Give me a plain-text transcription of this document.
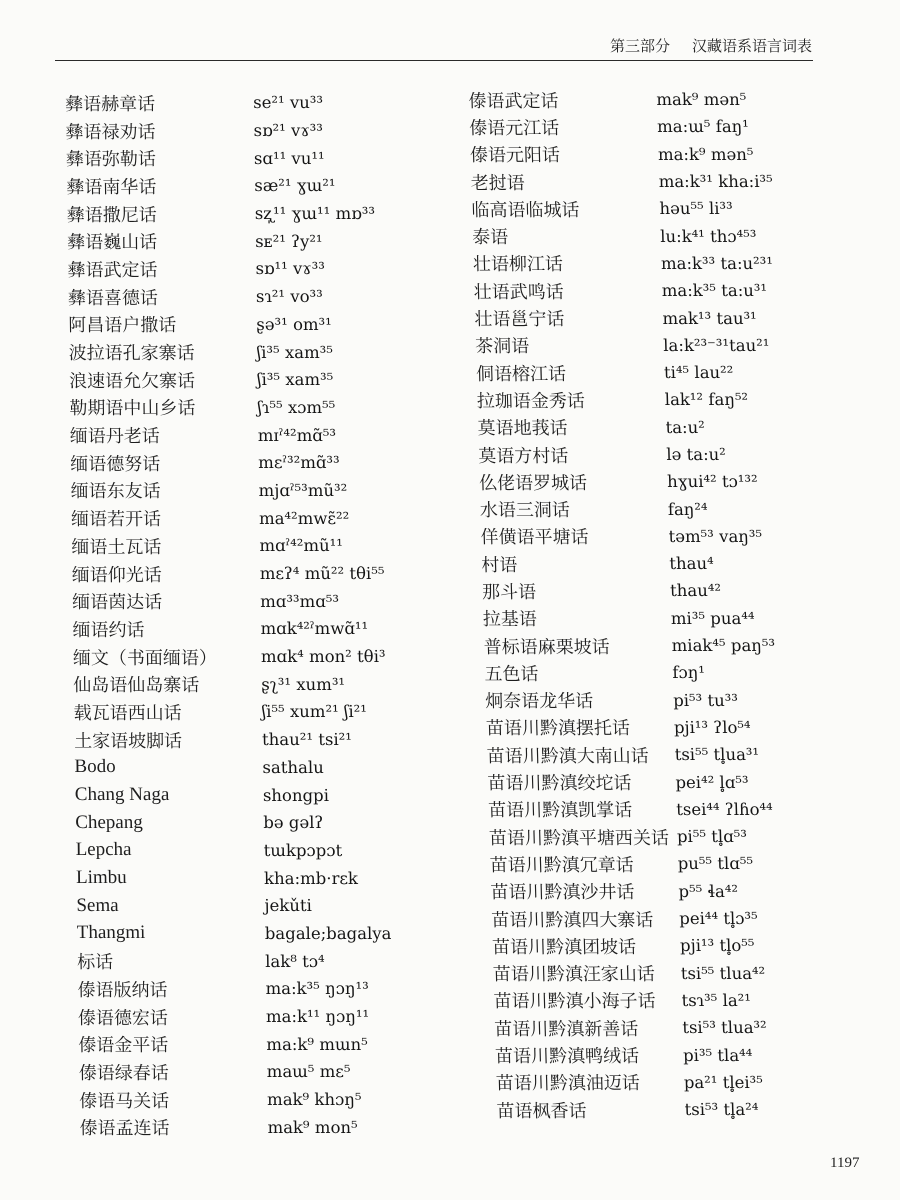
第三部分 汉藏语系语言词表
彝语赫章话	se²¹ vu³³
彝语禄劝话	sɒ²¹ vɤ³³
彝语弥勒话	sɑ¹¹ vu¹¹
彝语南华话	sæ²¹ ɣɯ²¹
彝语撒尼话	sʐ̩¹¹ ɣɯ¹¹ mɒ³³
彝语巍山话	sᴇ²¹ ʔy²¹
彝语武定话	sɒ¹¹ vɤ³³
彝语喜德话	sɿ²¹ vo³³
阿昌语户撒话	ʂə³¹ om³¹
波拉语孔家寨话	ʃi³⁵ xam³⁵
浪速语允欠寨话	ʃi³⁵ xam³⁵
勒期语中山乡话	ʃɿ⁵⁵ xɔm⁵⁵
缅语丹老话	mɪˀ⁴²mɑ̃⁵³
缅语德努话	mɛˀ³²mɑ̃³³
缅语东友话	mjɑˀ⁵³mũ³²
缅语若开话	ma⁴²mwɛ̃²²
缅语土瓦话	mɑˀ⁴²mũ¹¹
缅语仰光话	mɛʔ⁴ mũ²² tθi⁵⁵
缅语茵达话	mɑ³³mɑ⁵³
缅语约话	mɑk⁴²ˀmwɑ̃¹¹
缅文（书面缅语）	mɑk⁴ mon² tθi³
仙岛语仙岛寨话	ʂʅ³¹ xum³¹
载瓦语西山话	ʃi⁵⁵ xum²¹ ʃi²¹
土家语坡脚话	thau²¹ tsi²¹
Bodo	sathalu
Chang Naga	shongpi
Chepang	bə gəlʔ
Lepcha	tɯkpɔpɔt
Limbu	kha:mb·rɛk
Sema	jekǔti
Thangmi	bagale;bagalya
标话	lak⁸ tɔ⁴
傣语版纳话	ma:k³⁵ ŋɔŋ¹³
傣语德宏话	ma:k¹¹ ŋɔŋ¹¹
傣语金平话	ma:k⁹ mɯn⁵
傣语绿春话	maɯ⁵ mɛ⁵
傣语马关话	mak⁹ khɔŋ⁵
傣语孟连话	mak⁹ mon⁵
傣语武定话	mak⁹ mən⁵
傣语元江话	ma:ɯ⁵ faŋ¹
傣语元阳话	ma:k⁹ mən⁵
老挝语	ma:k³¹ kha:i³⁵
临高语临城话	həu⁵⁵ li³³
泰语	lu:k⁴¹ thɔ⁴⁵³
壮语柳江话	ma:k³³ ta:u²³¹
壮语武鸣话	ma:k³⁵ ta:u³¹
壮语邕宁话	mak¹³ tau³¹
茶洞语	la:k²³⁻³¹tau²¹
侗语榕江话	ti⁴⁵ lau²²
拉珈语金秀话	lak¹² faŋ⁵²
莫语地莪话	ta:u²
莫语方村话	lə ta:u²
仫佬语罗城话	hɣui⁴² tɔ¹³²
水语三洞话	faŋ²⁴
佯僙语平塘话	təm⁵³ vaŋ³⁵
村语	thau⁴
那斗语	thau⁴²
拉基语	mi³⁵ pua⁴⁴
普标语麻栗坡话	miak⁴⁵ paŋ⁵³
五色话	fɔŋ¹
炯奈语龙华话	pi⁵³ tu³³
苗语川黔滇摆托话	pji¹³ ʔlo⁵⁴
苗语川黔滇大南山话	tsi⁵⁵ tl̥ua³¹
苗语川黔滇绞坨话	pei⁴² l̥ɑ⁵³
苗语川黔滇凯掌话	tsei⁴⁴ ʔlɦo⁴⁴
苗语川黔滇平塘西关话 pi⁵⁵ tl̥ɑ⁵³
苗语川黔滇冗章话	pu⁵⁵ tlɑ⁵⁵
苗语川黔滇沙井话	p⁵⁵ ɬa⁴²
苗语川黔滇四大寨话	pei⁴⁴ tl̥ɔ³⁵
苗语川黔滇团坡话	pji¹³ tl̥o⁵⁵
苗语川黔滇汪家山话	tsi⁵⁵ tlua⁴²
苗语川黔滇小海子话	tsɿ³⁵ la²¹
苗语川黔滇新善话	tsi⁵³ tlua³²
苗语川黔滇鸭绒话	pi³⁵ tla⁴⁴
苗语川黔滇油迈话	pa²¹ tl̥ei³⁵
苗语枫香话	tsi⁵³ tl̥a²⁴
1197
